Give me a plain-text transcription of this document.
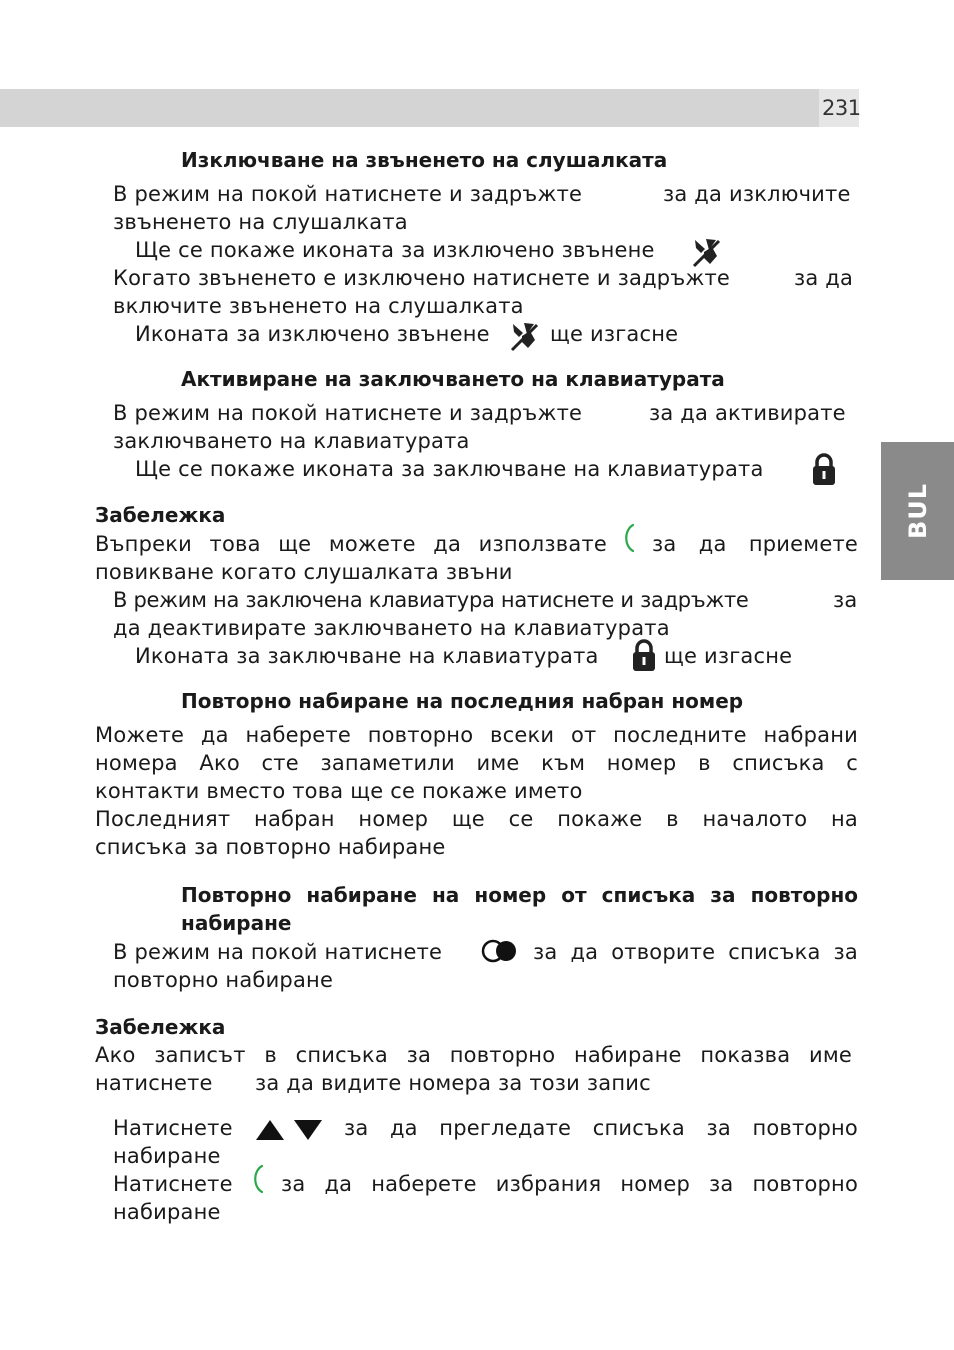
231
BUL
Изключване на звъненето на слушалката
В режим на покой натиснете и задръжте	за да изключите
звъненето на слушалката
Ще се покаже иконата за изключено звънене
Когато звъненето е изключено натиснете и задръжте	за да
включите звъненето на слушалката
Иконата за изключено звънене	ще изгасне
Активиране на заключването на клавиатурата
В режим на покой натиснете и задръжте	за да активирате
заключването на клавиатурата
Ще се покаже иконата за заключване на клавиатурата
Забележка
Въпреки това ще можете да използвате за да приемете
повикване когато слушалката звъни
В режим на заключена клавиатура натиснете и задръжте	за
да деактивирате заключването на клавиатурата
Иконата за заключване на клавиатурата	ще изгасне
Повторно набиране на последния набран номер
Можете да наберете повторно всеки от последните набрани
номера Ако сте запаметили име към номер в списъка с
контакти вместо това ще се покаже името
Последният набран номер ще се покаже в началото на
списъка за повторно набиране
Повторно набиране на номер от списъка за повторно
набиране
В режим на покой натиснете	за да отворите списъка за
повторно набиране
Забележка
Ако записът в списъка за повторно набиране показва име
натиснете за да видите номера за този запис
Натиснете	за да прегледате списъка за повторно
набиране
Натиснете за да наберете избрания номер за повторно
набиране
